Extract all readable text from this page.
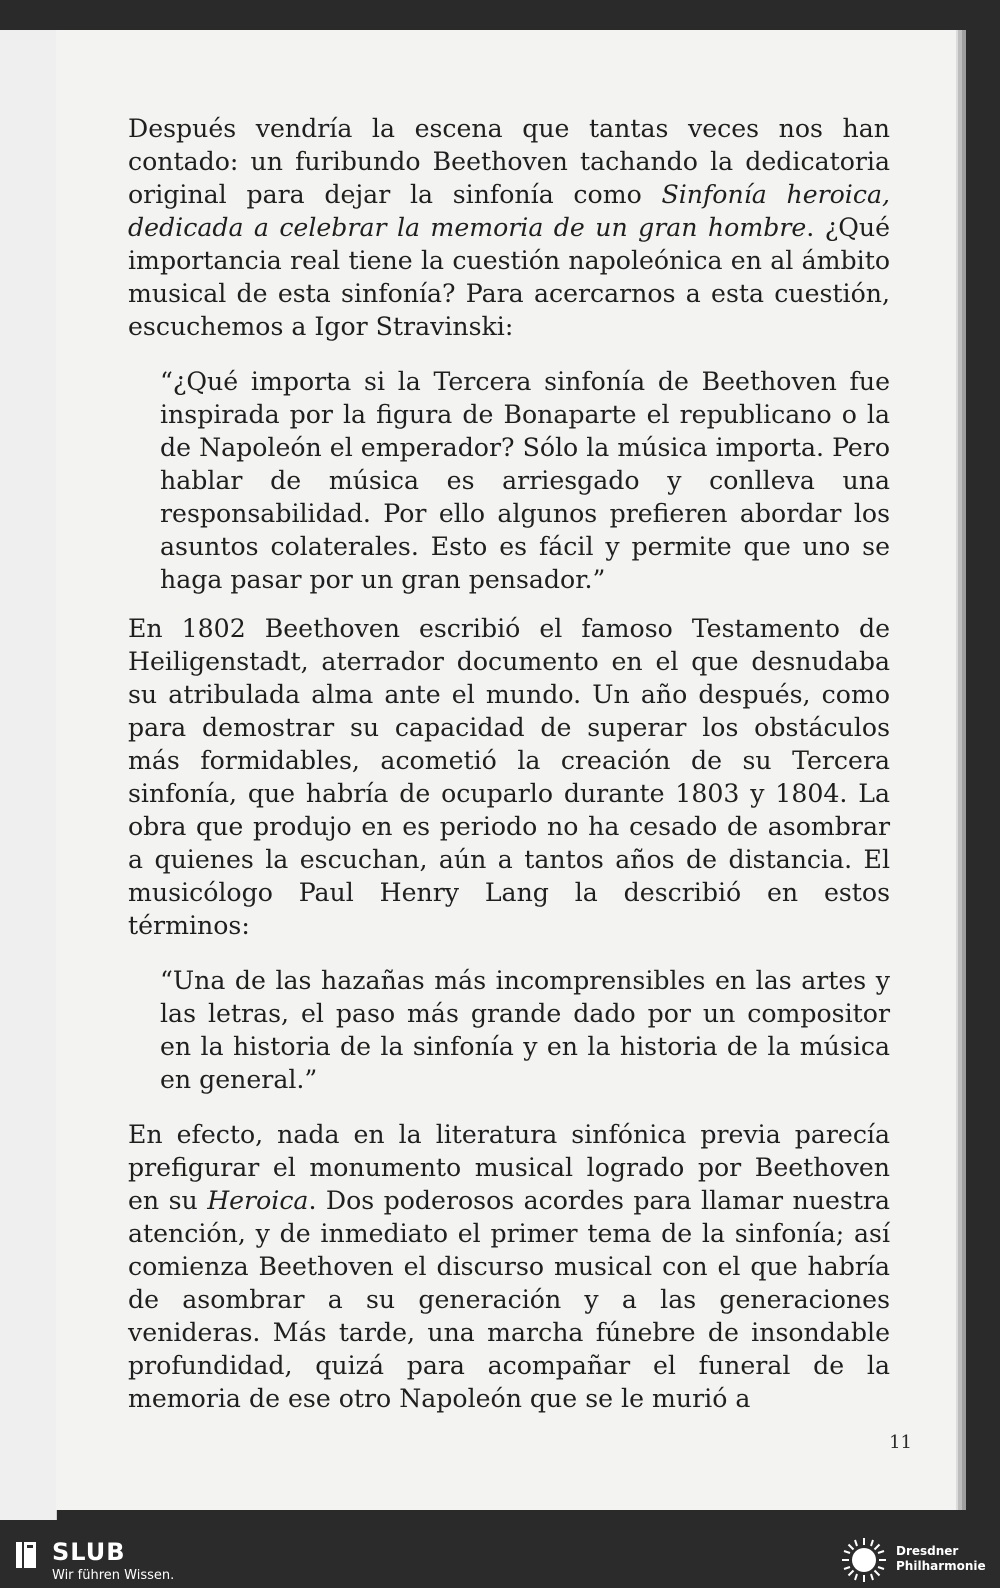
Después vendría la escena que tantas veces nos han contado: un furibundo Beethoven tachando la dedicatoria original para dejar la sinfonía como Sinfonía heroica, dedicada a celebrar la memoria de un gran hombre. ¿Qué importancia real tiene la cuestión napoleónica en al ámbito musical de esta sinfonía? Para acercarnos a esta cuestión, escuchemos a Igor Stravinski:

“¿Qué importa si la Tercera sinfonía de Beethoven fue inspirada por la figura de Bonaparte el republicano o la de Napoleón el emperador? Sólo la música importa. Pero hablar de música es arriesgado y conlleva una responsabilidad. Por ello algunos prefieren abordar los asuntos colaterales. Esto es fácil y permite que uno se haga pasar por un gran pensador.”

En 1802 Beethoven escribió el famoso Testamento de Heiligenstadt, aterrador documento en el que desnudaba su atribulada alma ante el mundo. Un año después, como para demostrar su capacidad de superar los obstáculos más formidables, acometió la creación de su Tercera sinfonía, que habría de ocuparlo durante 1803 y 1804. La obra que produjo en es periodo no ha cesado de asombrar a quienes la escuchan, aún a tantos años de distancia. El musicólogo Paul Henry Lang la describió en estos términos:

“Una de las hazañas más incomprensibles en las artes y las letras, el paso más grande dado por un compositor en la historia de la sinfonía y en la historia de la música en general.”

En efecto, nada en la literatura sinfónica previa parecía prefigurar el monumento musical logrado por Beethoven en su Heroica. Dos poderosos acordes para llamar nuestra atención, y de inmediato el primer tema de la sinfonía; así comienza Beethoven el discurso musical con el que habría de asombrar a su generación y a las generaciones venideras. Más tarde, una marcha fúnebre de insondable profundidad, quizá para acompañar el funeral de la memoria de ese otro Napoleón que se le murió a

11
SLUB
Wir führen Wissen.
Dresdner
Philharmonie
